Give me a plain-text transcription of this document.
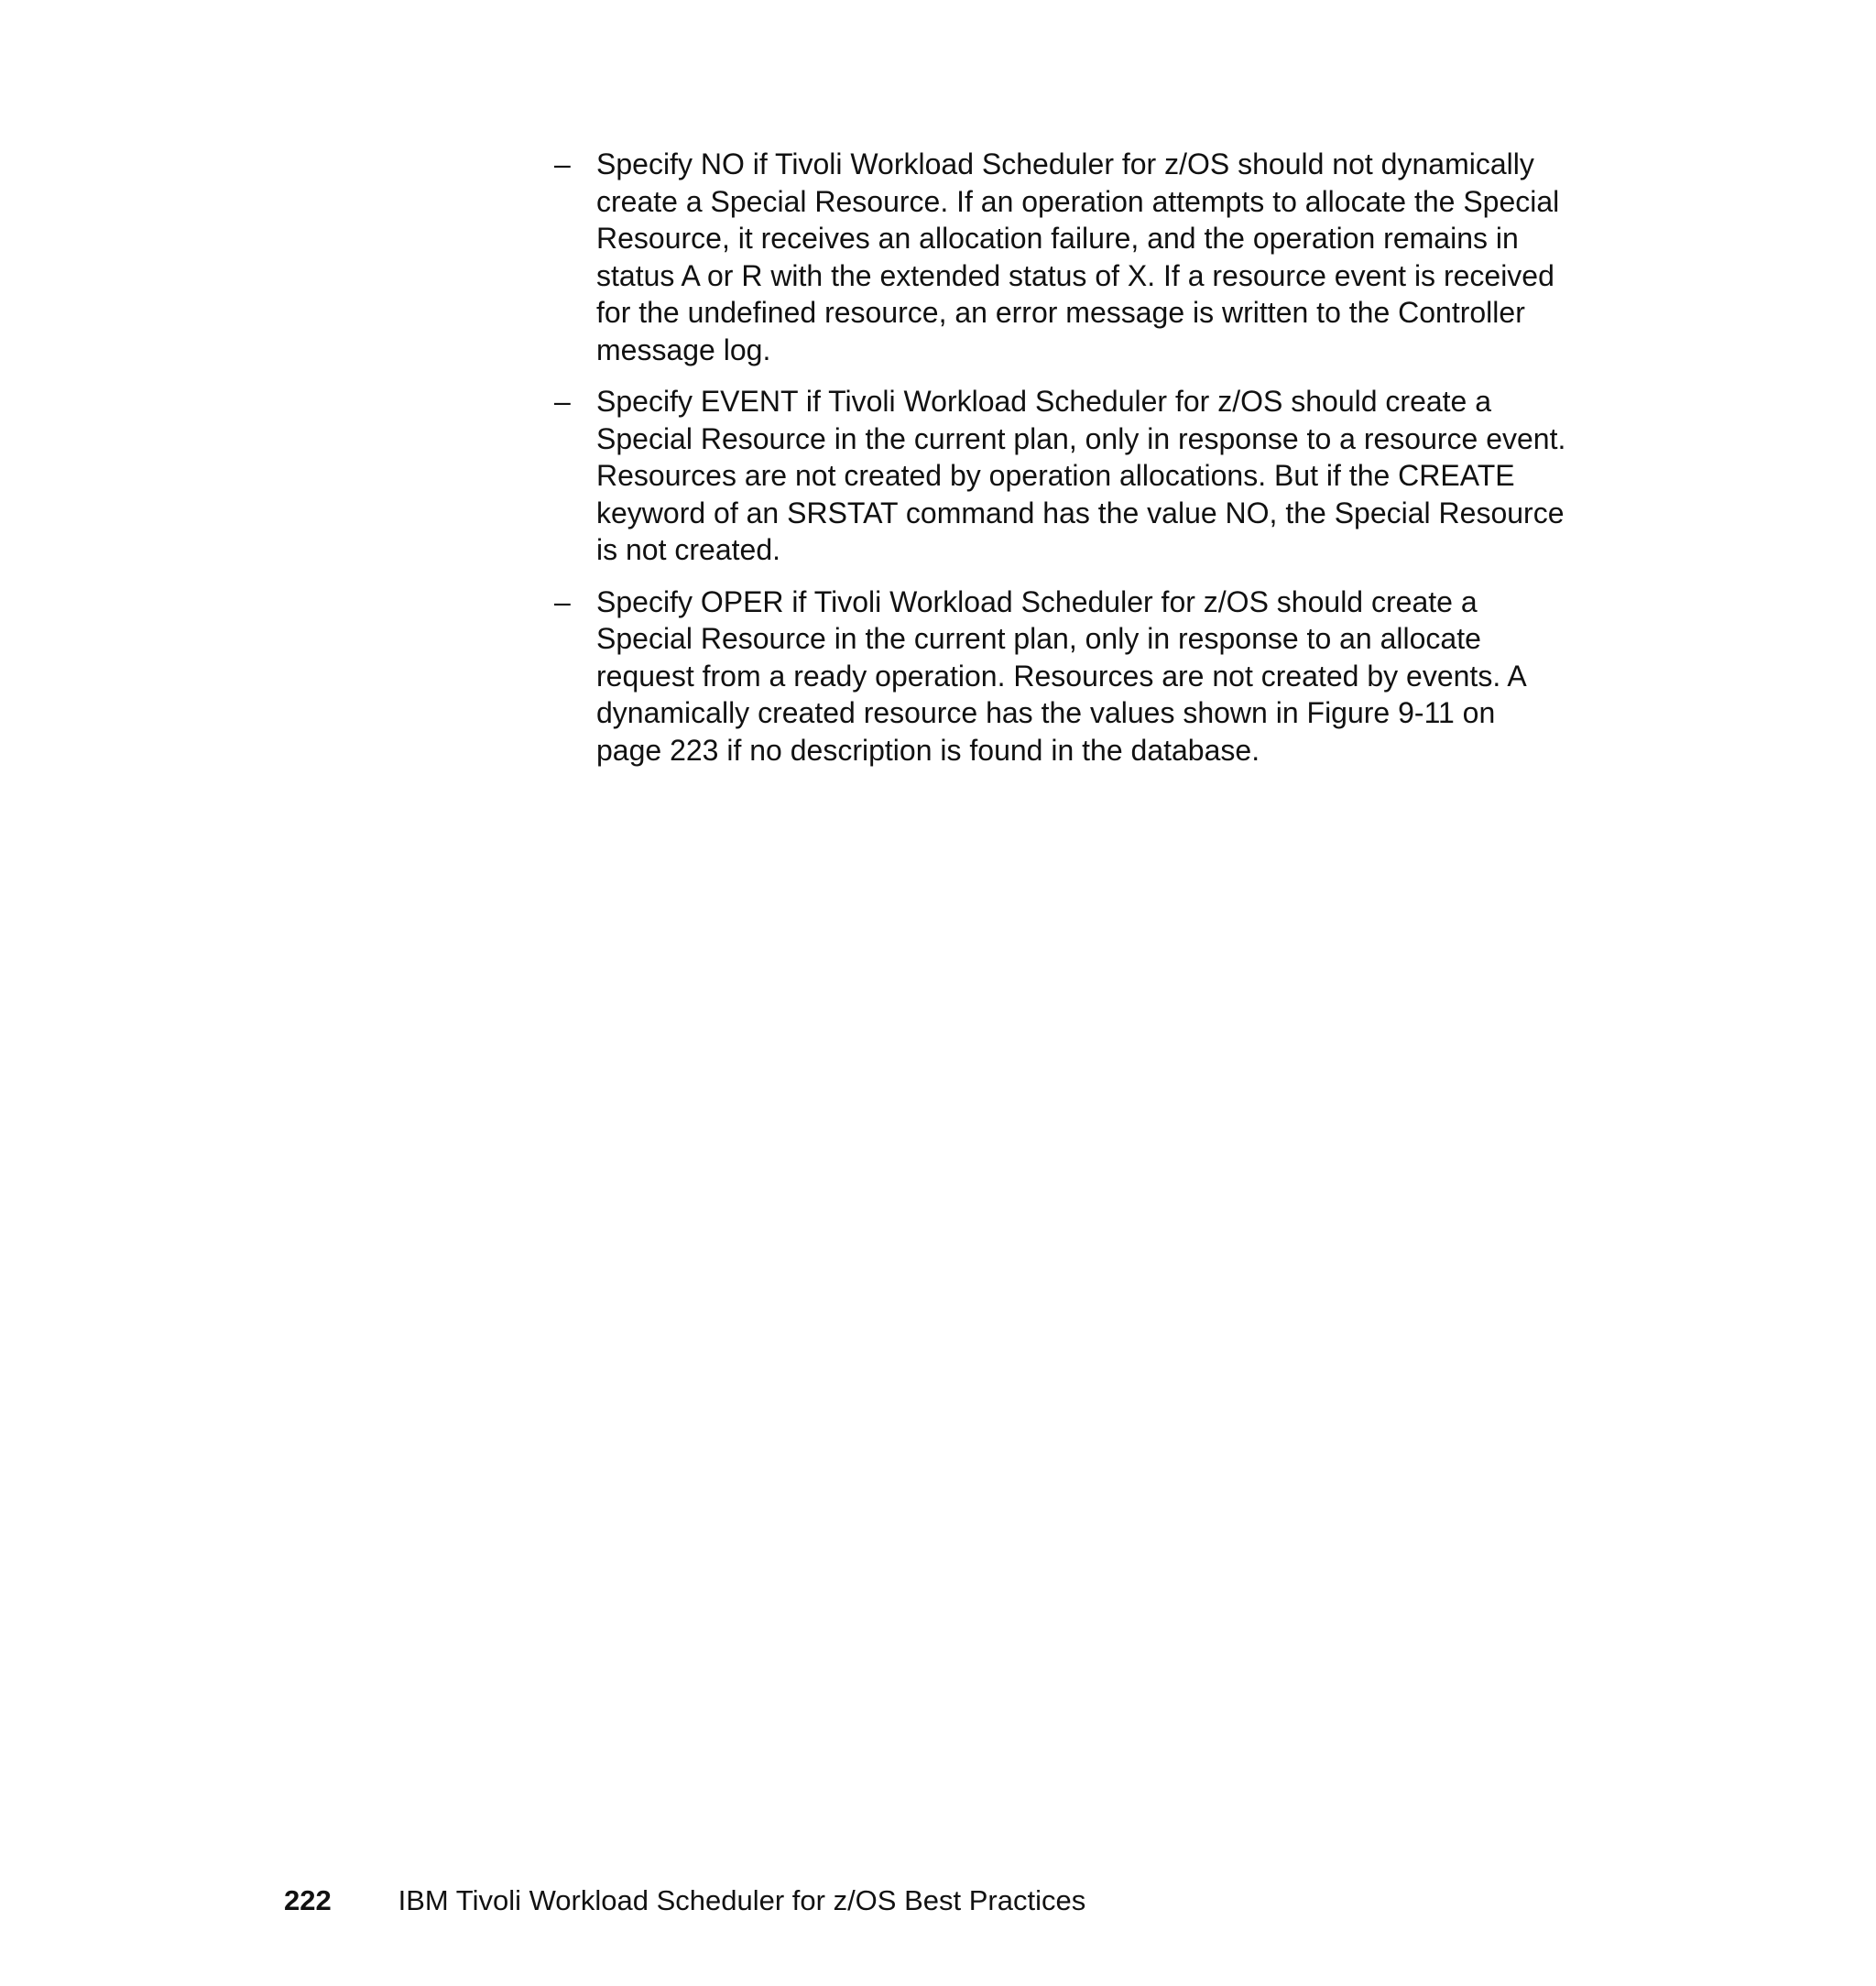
– Specify NO if Tivoli Workload Scheduler for z/OS should not dynamically
create a Special Resource. If an operation attempts to allocate the Special
Resource, it receives an allocation failure, and the operation remains in
status A or R with the extended status of X. If a resource event is received
for the undefined resource, an error message is written to the Controller
message log.
– Specify EVENT if Tivoli Workload Scheduler for z/OS should create a
Special Resource in the current plan, only in response to a resource event.
Resources are not created by operation allocations. But if the CREATE
keyword of an SRSTAT command has the value NO, the Special Resource
is not created.
– Specify OPER if Tivoli Workload Scheduler for z/OS should create a
Special Resource in the current plan, only in response to an allocate
request from a ready operation. Resources are not created by events. A
dynamically created resource has the values shown in Figure 9-11 on
page 223 if no description is found in the database.
222 IBM Tivoli Workload Scheduler for z/OS Best Practices
